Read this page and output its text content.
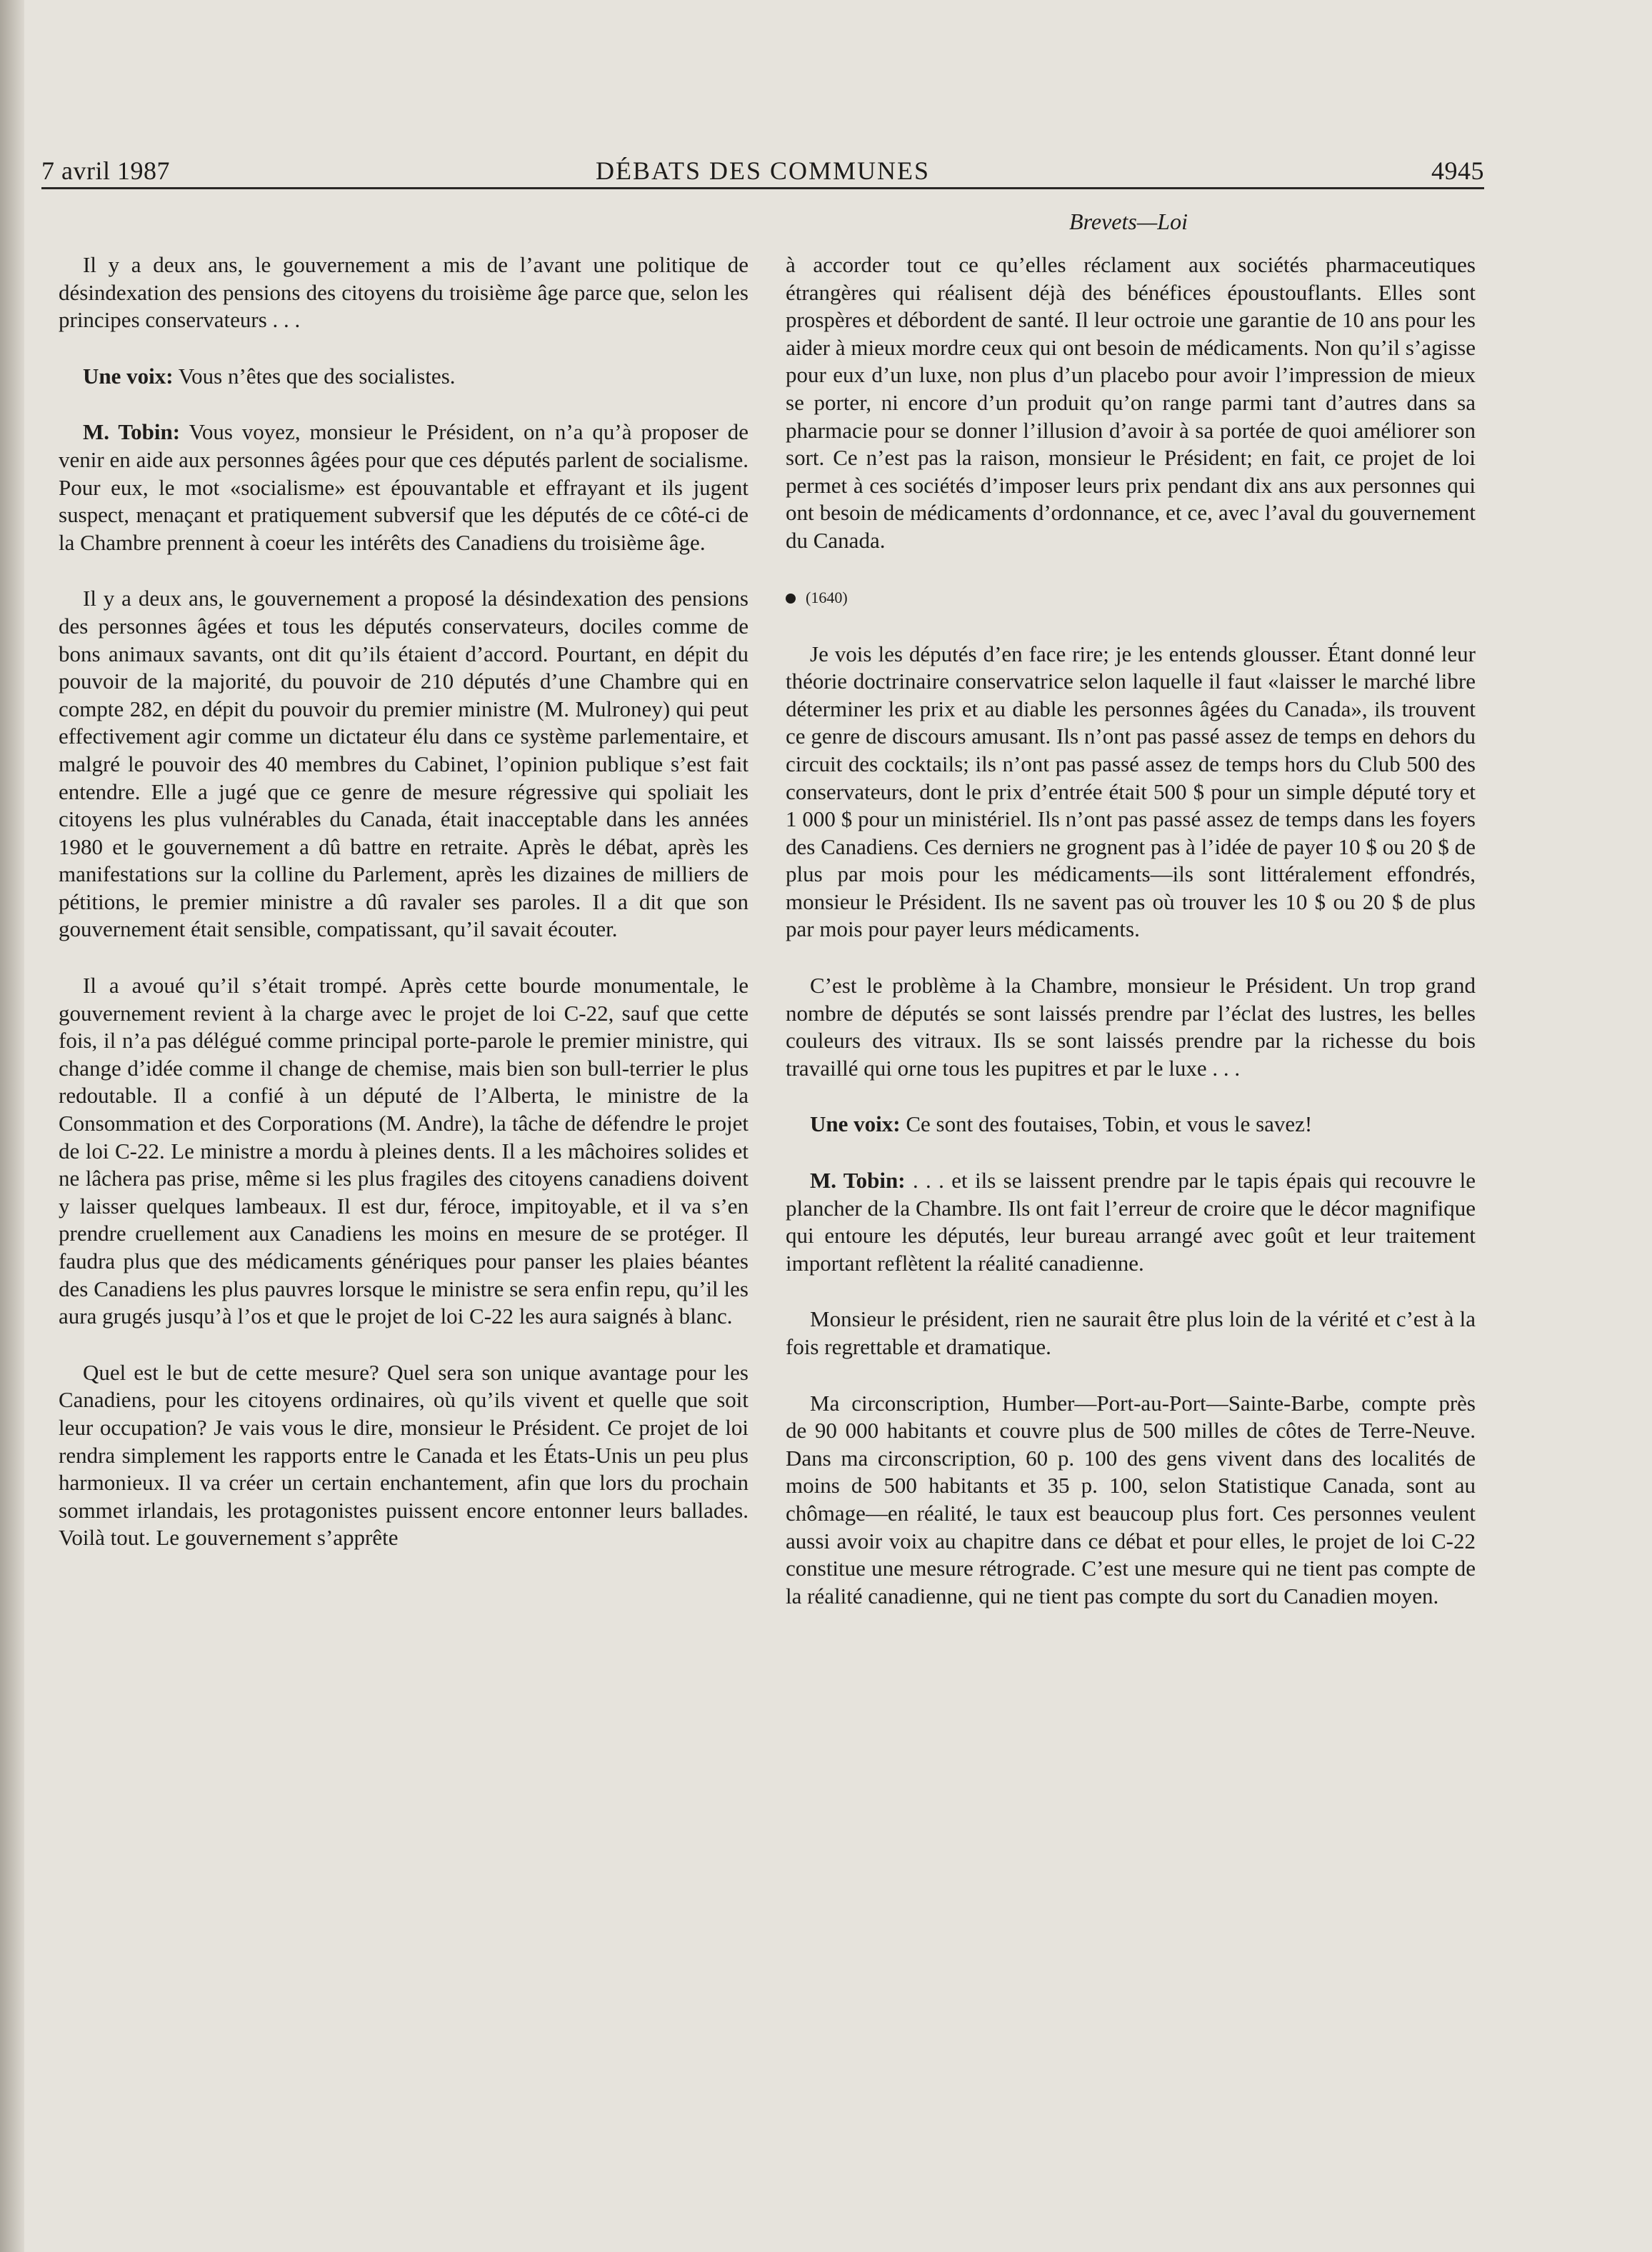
7 avril 1987	DÉBATS DES COMMUNES	4945
Brevets—Loi

Il y a deux ans, le gouvernement a mis de l’avant une politique de désindexation des pensions des citoyens du troisième âge parce que, selon les principes conservateurs . . .

Une voix: Vous n’êtes que des socialistes.

M. Tobin: Vous voyez, monsieur le Président, on n’a qu’à proposer de venir en aide aux personnes âgées pour que ces députés parlent de socialisme. Pour eux, le mot «socialisme» est épouvantable et effrayant et ils jugent suspect, menaçant et pratiquement subversif que les députés de ce côté-ci de la Chambre prennent à coeur les intérêts des Canadiens du troisième âge.

Il y a deux ans, le gouvernement a proposé la désindexation des pensions des personnes âgées et tous les députés conservateurs, dociles comme de bons animaux savants, ont dit qu’ils étaient d’accord. Pourtant, en dépit du pouvoir de la majorité, du pouvoir de 210 députés d’une Chambre qui en compte 282, en dépit du pouvoir du premier ministre (M. Mulroney) qui peut effectivement agir comme un dictateur élu dans ce système parlementaire, et malgré le pouvoir des 40 membres du Cabinet, l’opinion publique s’est fait entendre. Elle a jugé que ce genre de mesure régressive qui spoliait les citoyens les plus vulnérables du Canada, était inacceptable dans les années 1980 et le gouvernement a dû battre en retraite. Après le débat, après les manifestations sur la colline du Parlement, après les dizaines de milliers de pétitions, le premier ministre a dû ravaler ses paroles. Il a dit que son gouvernement était sensible, compatissant, qu’il savait écouter.

Il a avoué qu’il s’était trompé. Après cette bourde monumentale, le gouvernement revient à la charge avec le projet de loi C-22, sauf que cette fois, il n’a pas délégué comme principal porte-parole le premier ministre, qui change d’idée comme il change de chemise, mais bien son bull-terrier le plus redoutable. Il a confié à un député de l’Alberta, le ministre de la Consommation et des Corporations (M. Andre), la tâche de défendre le projet de loi C-22. Le ministre a mordu à pleines dents. Il a les mâchoires solides et ne lâchera pas prise, même si les plus fragiles des citoyens canadiens doivent y laisser quelques lambeaux. Il est dur, féroce, impitoyable, et il va s’en prendre cruellement aux Canadiens les moins en mesure de se protéger. Il faudra plus que des médicaments génériques pour panser les plaies béantes des Canadiens les plus pauvres lorsque le ministre se sera enfin repu, qu’il les aura grugés jusqu’à l’os et que le projet de loi C-22 les aura saignés à blanc.

Quel est le but de cette mesure? Quel sera son unique avantage pour les Canadiens, pour les citoyens ordinaires, où qu’ils vivent et quelle que soit leur occupation? Je vais vous le dire, monsieur le Président. Ce projet de loi rendra simplement les rapports entre le Canada et les États-Unis un peu plus harmonieux. Il va créer un certain enchantement, afin que lors du prochain sommet irlandais, les protagonistes puissent encore entonner leurs ballades. Voilà tout. Le gouvernement s’apprête

à accorder tout ce qu’elles réclament aux sociétés pharmaceutiques étrangères qui réalisent déjà des bénéfices époustouflants. Elles sont prospères et débordent de santé. Il leur octroie une garantie de 10 ans pour les aider à mieux mordre ceux qui ont besoin de médicaments. Non qu’il s’agisse pour eux d’un luxe, non plus d’un placebo pour avoir l’impression de mieux se porter, ni encore d’un produit qu’on range parmi tant d’autres dans sa pharmacie pour se donner l’illusion d’avoir à sa portée de quoi améliorer son sort. Ce n’est pas la raison, monsieur le Président; en fait, ce projet de loi permet à ces sociétés d’imposer leurs prix pendant dix ans aux personnes qui ont besoin de médicaments d’ordonnance, et ce, avec l’aval du gouvernement du Canada.

(1640)

Je vois les députés d’en face rire; je les entends glousser. Étant donné leur théorie doctrinaire conservatrice selon laquelle il faut «laisser le marché libre déterminer les prix et au diable les personnes âgées du Canada», ils trouvent ce genre de discours amusant. Ils n’ont pas passé assez de temps en dehors du circuit des cocktails; ils n’ont pas passé assez de temps hors du Club 500 des conservateurs, dont le prix d’entrée était 500 $ pour un simple député tory et 1 000 $ pour un ministériel. Ils n’ont pas passé assez de temps dans les foyers des Canadiens. Ces derniers ne grognent pas à l’idée de payer 10 $ ou 20 $ de plus par mois pour les médicaments—ils sont littéralement effondrés, monsieur le Président. Ils ne savent pas où trouver les 10 $ ou 20 $ de plus par mois pour payer leurs médicaments.

C’est le problème à la Chambre, monsieur le Président. Un trop grand nombre de députés se sont laissés prendre par l’éclat des lustres, les belles couleurs des vitraux. Ils se sont laissés prendre par la richesse du bois travaillé qui orne tous les pupitres et par le luxe . . .

Une voix: Ce sont des foutaises, Tobin, et vous le savez!

M. Tobin: . . . et ils se laissent prendre par le tapis épais qui recouvre le plancher de la Chambre. Ils ont fait l’erreur de croire que le décor magnifique qui entoure les députés, leur bureau arrangé avec goût et leur traitement important reflètent la réalité canadienne.

Monsieur le président, rien ne saurait être plus loin de la vérité et c’est à la fois regrettable et dramatique.

Ma circonscription, Humber—Port-au-Port—Sainte-Barbe, compte près de 90 000 habitants et couvre plus de 500 milles de côtes de Terre-Neuve. Dans ma circonscription, 60 p. 100 des gens vivent dans des localités de moins de 500 habitants et 35 p. 100, selon Statistique Canada, sont au chômage—en réalité, le taux est beaucoup plus fort. Ces personnes veulent aussi avoir voix au chapitre dans ce débat et pour elles, le projet de loi C-22 constitue une mesure rétrograde. C’est une mesure qui ne tient pas compte de la réalité canadienne, qui ne tient pas compte du sort du Canadien moyen.
